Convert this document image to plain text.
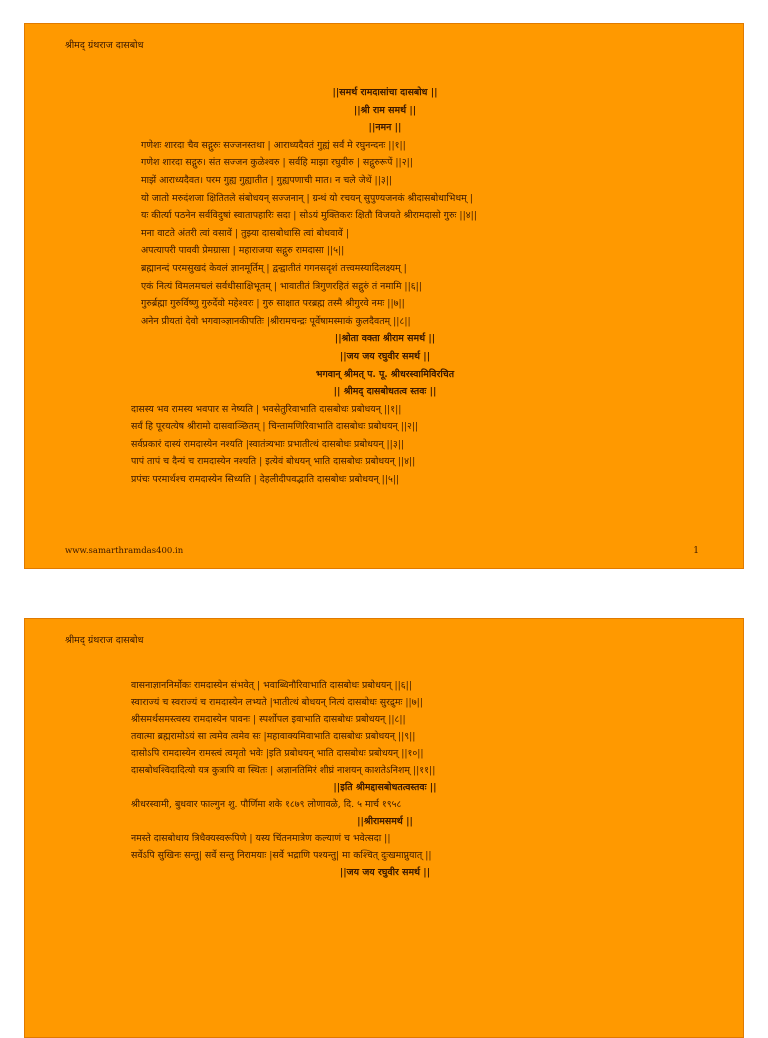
श्रीमद् ग्रंथराज दासबोध
||समर्थ रामदासांचा दासबोध ||
||श्री राम समर्थ ||
||नमन ||
गणेशः शारदा चैव सद्गुरुः सज्जनस्तथा | आराध्यदैवतं गुह्यं सर्वं मे रघुनन्दनः ||१||
गणेश शारदा सद्गुरु। संत सज्जन कुळेश्वरु | सर्वहि माझा रघुवीरु | सद्गुरुरूपें ||२||
माझें आराध्यदैवत। परम गुह्य गुह्यातीत | गुह्यपणाची मात। न चले जेथें ||३||
यो जातो मरुदंशजा क्षितितले संबोधयन् सज्जनान् | ग्रन्थं यो रचयन् सुपुण्यजनकं श्रीदासबोधाभिधम् |
यः कीर्त्या पठनेन सर्वविदुषां स्वातापहारिः सदा | सोऽयं मुक्तिकरः क्षितौ विजयते श्रीरामदासो गुरुः ||४||
मना वाटते अंतरी त्वां वसावें | तुझ्या दासबोधासि त्वां बोधवावें |
अपत्यापरी पाववी प्रेमग्रासा | महाराजया सद्गुरु रामदासा ||५||
ब्रह्मानन्दं परमसुखदं केवलं ज्ञानमूर्तिम् | द्वन्द्वातीतं गगनसदृशं तत्त्वमस्यादिलक्ष्यम् |
एकं नित्यं विमलमचलं सर्वधीसाक्षिभूतम् | भावातीतं त्रिगुणरहितं सद्गुरुं तं नमामि ||६||
गुरुर्ब्रह्मा गुरुर्विष्णु गुरुर्देवो महेश्वरः | गुरु साक्षात परब्रह्म तस्मै श्रीगुरवे नमः ||७||
अनेन प्रीयतां देवो भगवाञ्ज्ञानकीपतिः |श्रीरामचन्द्रः पूर्वेषामस्माकं कुलदैवतम् ||८||
||श्रोता वक्ता श्रीराम समर्थ ||
||जय जय रघुवीर समर्थ ||
भगवान् श्रीमत् प. पू. श्रीधरस्वामिविरचित
|| श्रीमद् दासबोधतत्व स्तवः ||
दासस्य भव रामस्य भवपार स नेष्यति | भवसेतुरिवाभाति दासबोधः प्रबोधयन् ||१||
सर्वं हि पूरयत्येष श्रीरामो दासवाञ्छितम् | चिन्तामणिरिवाभाति दासबोधः प्रबोधयन् ||२||
सर्वप्रकारं दास्यं रामदास्येन नश्यति |स्वातंत्र्यभाः प्रभातीत्थं दासबोधः प्रबोधयन् ||३||
पापं तापं च दैन्यं च रामदास्येन नश्यति | इत्येवं बोधयन् भाति दासबोधः प्रबोधयन् ||४||
प्रपंचः परमार्थश्च रामदास्येन सिध्यति | देहलीदीपवद्भाति दासबोधः प्रबोधयन् ||५||
www.samarthramdas400.in	1
श्रीमद् ग्रंथराज दासबोध
वासनाज्ञाननिर्मोकः रामदास्येन संभवेत् | भवाब्धिनौरिवाभाति दासबोधः प्रबोधयन् ||६||
स्वाराज्यं च स्वराज्यं च रामदास्येन लभ्यते |भातीत्थं बोधयन् नित्यं दासबोधः सुरद्रुमः ||७||
श्रीसमर्थसमस्त्वस्य रामदास्येन पावनः | स्पर्शोपल इवाभाति दासबोधः प्रबोधयन् ||८||
तवात्मा ब्रह्मरामोऽयं सा त्वमेव त्वमेव सः |महावाक्यमिवाभाति दासबोधः प्रबोधयन् ||९||
दासोऽपि रामदास्येन रामस्त्वं त्वमृतो भवेः |इति प्रबोधयन् भाति दासबोधः प्रबोधयन् ||१०||
दासबोधश्विदादित्यो यत्र कुत्रापि वा स्थितः | अज्ञानतिमिरं शीघ्रं नाशयन् काशतेऽनिशम् ||११||
||इति श्रीमद्दासबोधतत्वस्तवः ||
श्रीधरस्वामी, बुधवार फाल्गुन शु. पौर्णिमा शके १८७९ लोणावळे, दि. ५ मार्च १९५८
||श्रीरामसमर्थ ||
नमस्ते दासबोधाय त्रिधैक्यस्वरूपिणे | यस्य चिंतनमात्रेण कल्याणं च भवेत्सदा ||
सर्वेऽपि सुखिनः सन्तु| सर्वे सन्तु निरामयाः |सर्वे भद्राणि पश्यन्तु| मा कश्चित् दुःखमाप्नुयात् ||
||जय जय रघुवीर समर्थ ||
